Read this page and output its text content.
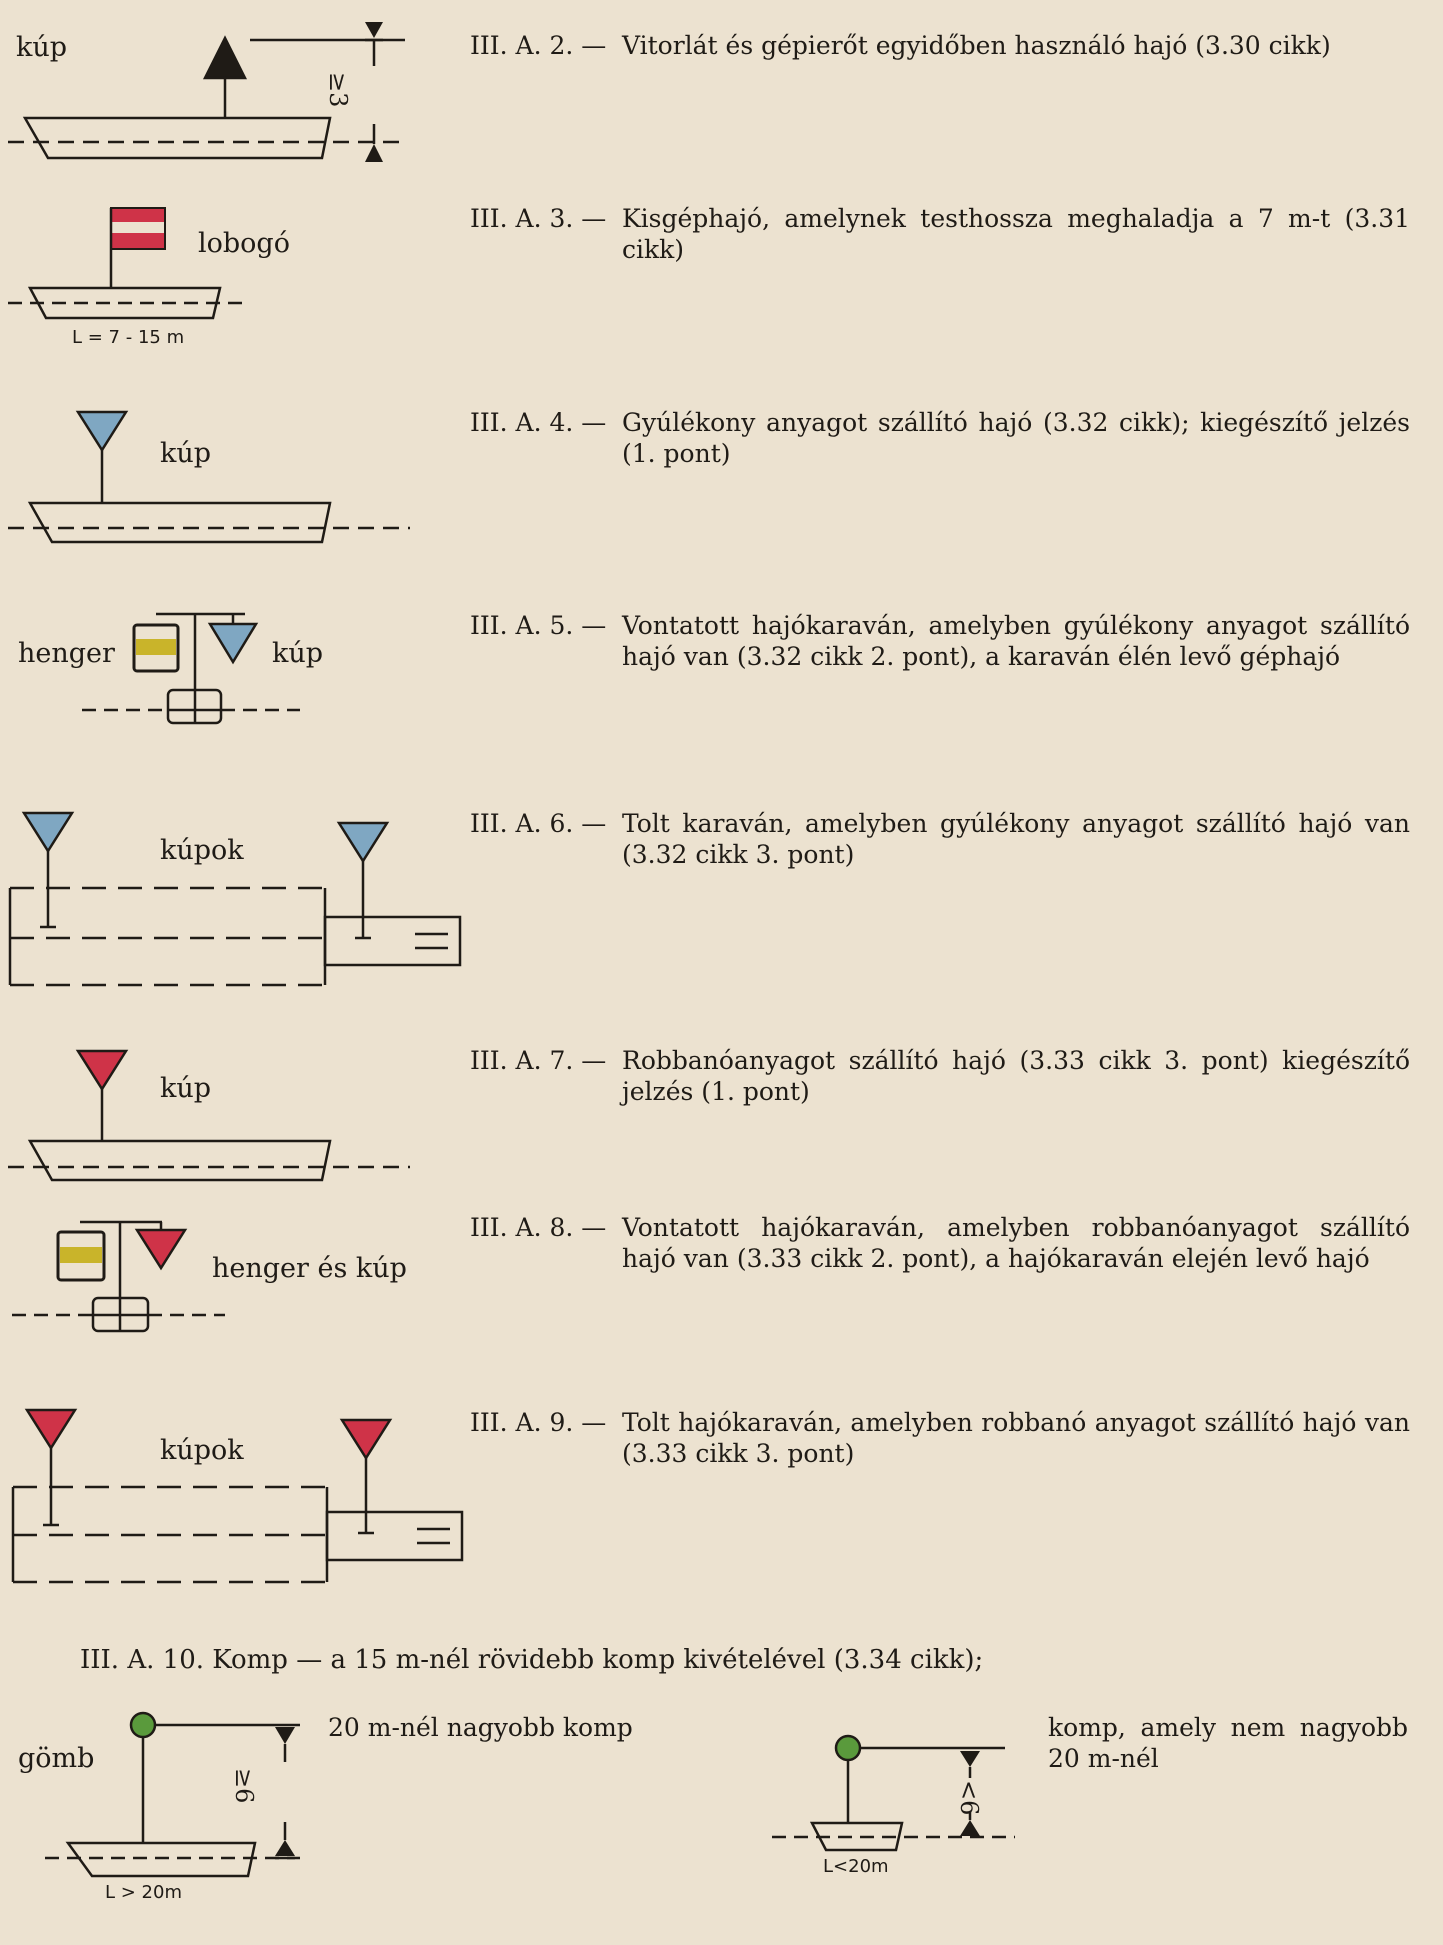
kúp
≥3
lobogó
L = 7 - 15 m
kúp
henger	kúp
kúpok
kúp
henger és kúp
kúpok
gömb
L > 20m
≥6
L<20m
<6
III. A. 2. — Vitorlát és gépierőt egyidőben használó hajó (3.30 cikk)
III. A. 3. — Kisgéphajó, amelynek testhossza meghaladja a 7 m-t (3.31 cikk)
III. A. 4. — Gyúlékony anyagot szállító hajó (3.32 cikk); kiegészítő jelzés (1. pont)
III. A. 5. — Vontatott hajókaraván, amelyben gyúlékony anyagot szállító hajó van (3.32 cikk 2. pont), a karaván élén levő géphajó
III. A. 6. — Tolt karaván, amelyben gyúlékony anyagot szállító hajó van (3.32 cikk 3. pont)
III. A. 7. — Robbanóanyagot szállító hajó (3.33 cikk 3. pont) kiegészítő jelzés (1. pont)
III. A. 8. — Vontatott hajókaraván, amelyben robbanóanyagot szállító hajó van (3.33 cikk 2. pont), a hajókaraván elején levő hajó
III. A. 9. — Tolt hajókaraván, amelyben robbanó anyagot szállító hajó van (3.33 cikk 3. pont)
III. A. 10. Komp — a 15 m-nél rövidebb komp kivételével (3.34 cikk);
20 m-nél nagyobb komp	komp, amely nem nagyobb 20 m-nél
